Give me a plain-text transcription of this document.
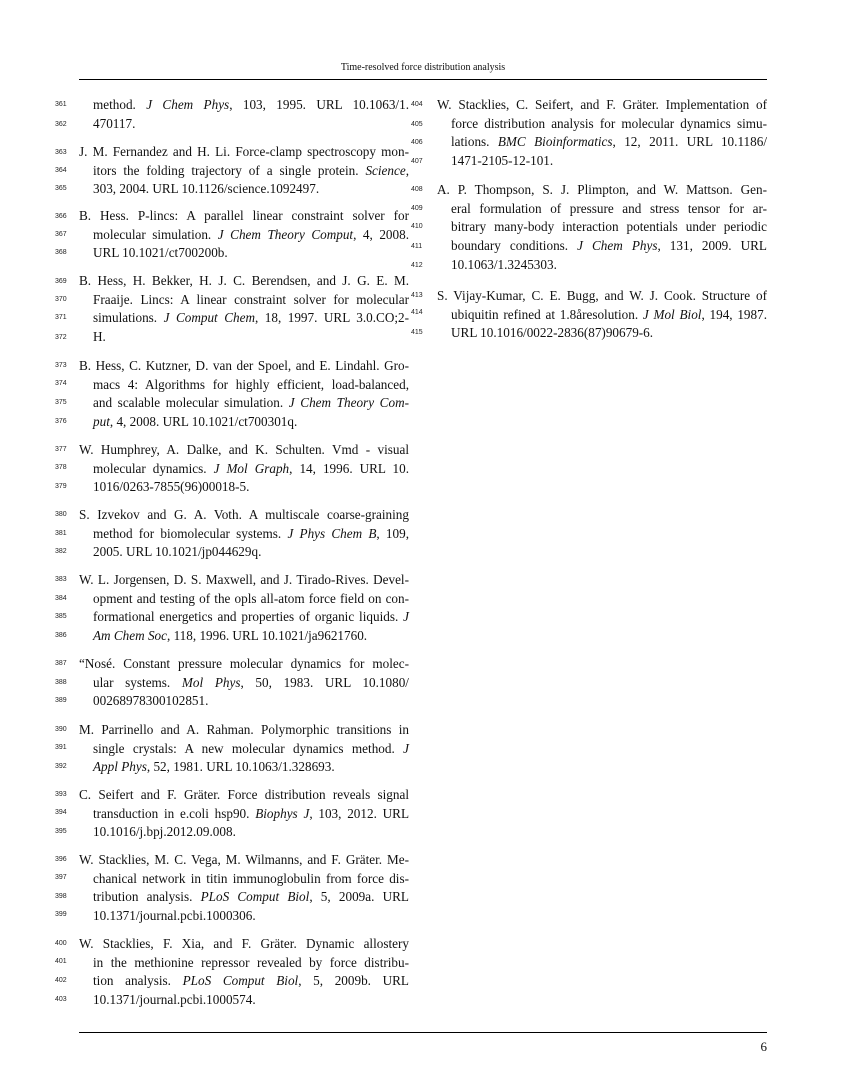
Time-resolved force distribution analysis
361
362
363
364
365
366
367
368
369
370
371
372
373
374
375
376
377
378
379
380
381
382
383
384
385
386
387
388
389
390
391
392
393
394
395
396
397
398
399
400
401
402
403
404
405
406
407
408
409
410
411
412
413
414
415
method. J Chem Phys, 103, 1995. URL 10.1063/1.
470117.
J. M. Fernandez and H. Li. Force-clamp spectroscopy mon-
itors the folding trajectory of a single protein. Science,
303, 2004. URL 10.1126/science.1092497.
B. Hess. P-lincs: A parallel linear constraint solver for
molecular simulation. J Chem Theory Comput, 4, 2008.
URL 10.1021/ct700200b.
B. Hess, H. Bekker, H. J. C. Berendsen, and J. G. E. M.
Fraaije. Lincs: A linear constraint solver for molecular
simulations. J Comput Chem, 18, 1997. URL 3.0.CO;2-
H.
B. Hess, C. Kutzner, D. van der Spoel, and E. Lindahl. Gro-
macs 4: Algorithms for highly efficient, load-balanced,
and scalable molecular simulation. J Chem Theory Com-
put, 4, 2008. URL 10.1021/ct700301q.
W. Humphrey, A. Dalke, and K. Schulten. Vmd - visual
molecular dynamics. J Mol Graph, 14, 1996. URL 10.
1016/0263-7855(96)00018-5.
S. Izvekov and G. A. Voth. A multiscale coarse-graining
method for biomolecular systems. J Phys Chem B, 109,
2005. URL 10.1021/jp044629q.
W. L. Jorgensen, D. S. Maxwell, and J. Tirado-Rives. Devel-
opment and testing of the opls all-atom force field on con-
formational energetics and properties of organic liquids. J
Am Chem Soc, 118, 1996. URL 10.1021/ja9621760.
“Nosé. Constant pressure molecular dynamics for molec-
ular systems. Mol Phys, 50, 1983. URL 10.1080/
00268978300102851.
M. Parrinello and A. Rahman. Polymorphic transitions in
single crystals: A new molecular dynamics method. J
Appl Phys, 52, 1981. URL 10.1063/1.328693.
C. Seifert and F. Gräter. Force distribution reveals signal
transduction in e.coli hsp90. Biophys J, 103, 2012. URL
10.1016/j.bpj.2012.09.008.
W. Stacklies, M. C. Vega, M. Wilmanns, and F. Gräter. Me-
chanical network in titin immunoglobulin from force dis-
tribution analysis. PLoS Comput Biol, 5, 2009a. URL
10.1371/journal.pcbi.1000306.
W. Stacklies, F. Xia, and F. Gräter. Dynamic allostery
in the methionine repressor revealed by force distribu-
tion analysis. PLoS Comput Biol, 5, 2009b. URL
10.1371/journal.pcbi.1000574.
W. Stacklies, C. Seifert, and F. Gräter. Implementation of
force distribution analysis for molecular dynamics simu-
lations. BMC Bioinformatics, 12, 2011. URL 10.1186/
1471-2105-12-101.
A. P. Thompson, S. J. Plimpton, and W. Mattson. Gen-
eral formulation of pressure and stress tensor for ar-
bitrary many-body interaction potentials under periodic
boundary conditions. J Chem Phys, 131, 2009. URL
10.1063/1.3245303.
S. Vijay-Kumar, C. E. Bugg, and W. J. Cook. Structure of
ubiquitin refined at 1.8åresolution. J Mol Biol, 194, 1987.
URL 10.1016/0022-2836(87)90679-6.
6
